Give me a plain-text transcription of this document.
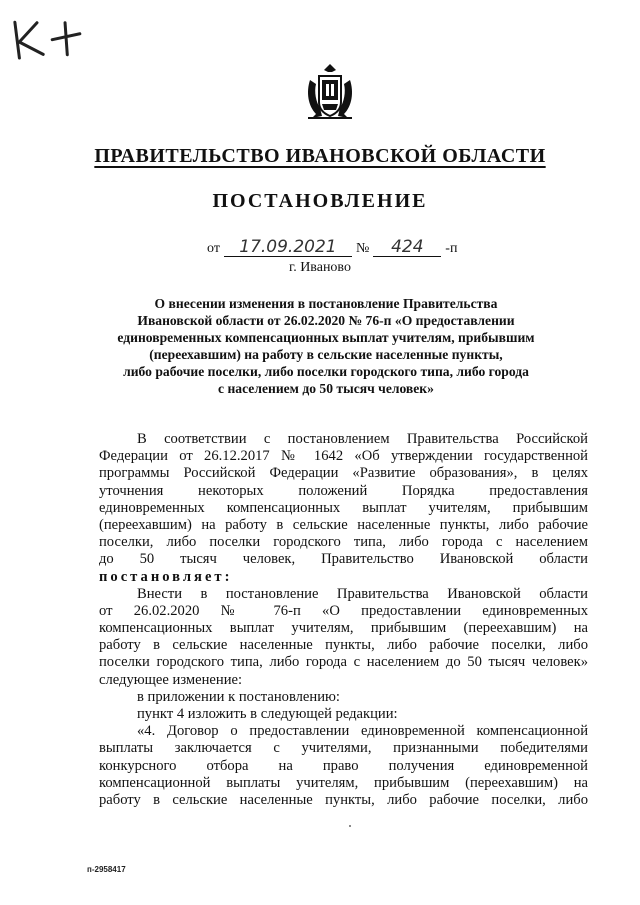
ПРАВИТЕЛЬСТВО ИВАНОВСКОЙ ОБЛАСТИ
ПОСТАНОВЛЕНИЕ
от	17.09.2021	№	424	-п
г. Иваново
О внесении изменения в постановление Правительства
Ивановской области от 26.02.2020 № 76-п «О предоставлении
единовременных компенсационных выплат учителям, прибывшим
(переехавшим) на работу в сельские населенные пункты,
либо рабочие поселки, либо поселки городского типа, либо города
с населением до 50 тысяч человек»
В соответствии с постановлением Правительства Российской
Федерации от 26.12.2017 № 1642 «Об утверждении государственной
программы Российской Федерации «Развитие образования», в целях
уточнения некоторых положений Порядка предоставления
единовременных компенсационных выплат учителям, прибывшим
(переехавшим) на работу в сельские населенные пункты, либо рабочие
поселки, либо поселки городского типа, либо города с населением
до 50 тысяч человек, Правительство Ивановской области
постановляет:
Внести в постановление Правительства Ивановской области
от 26.02.2020 № 76-п «О предоставлении единовременных
компенсационных выплат учителям, прибывшим (переехавшим) на
работу в сельские населенные пункты, либо рабочие поселки, либо
поселки городского типа, либо города с населением до 50 тысяч человек»
следующее изменение:
в приложении к постановлению:
пункт 4 изложить в следующей редакции:
«4. Договор о предоставлении единовременной компенсационной
выплаты заключается с учителями, признанными победителями
конкурсного отбора на право получения единовременной
компенсационной выплаты учителям, прибывшим (переехавшим) на
работу в сельские населенные пункты, либо рабочие поселки, либо
п-2958417
